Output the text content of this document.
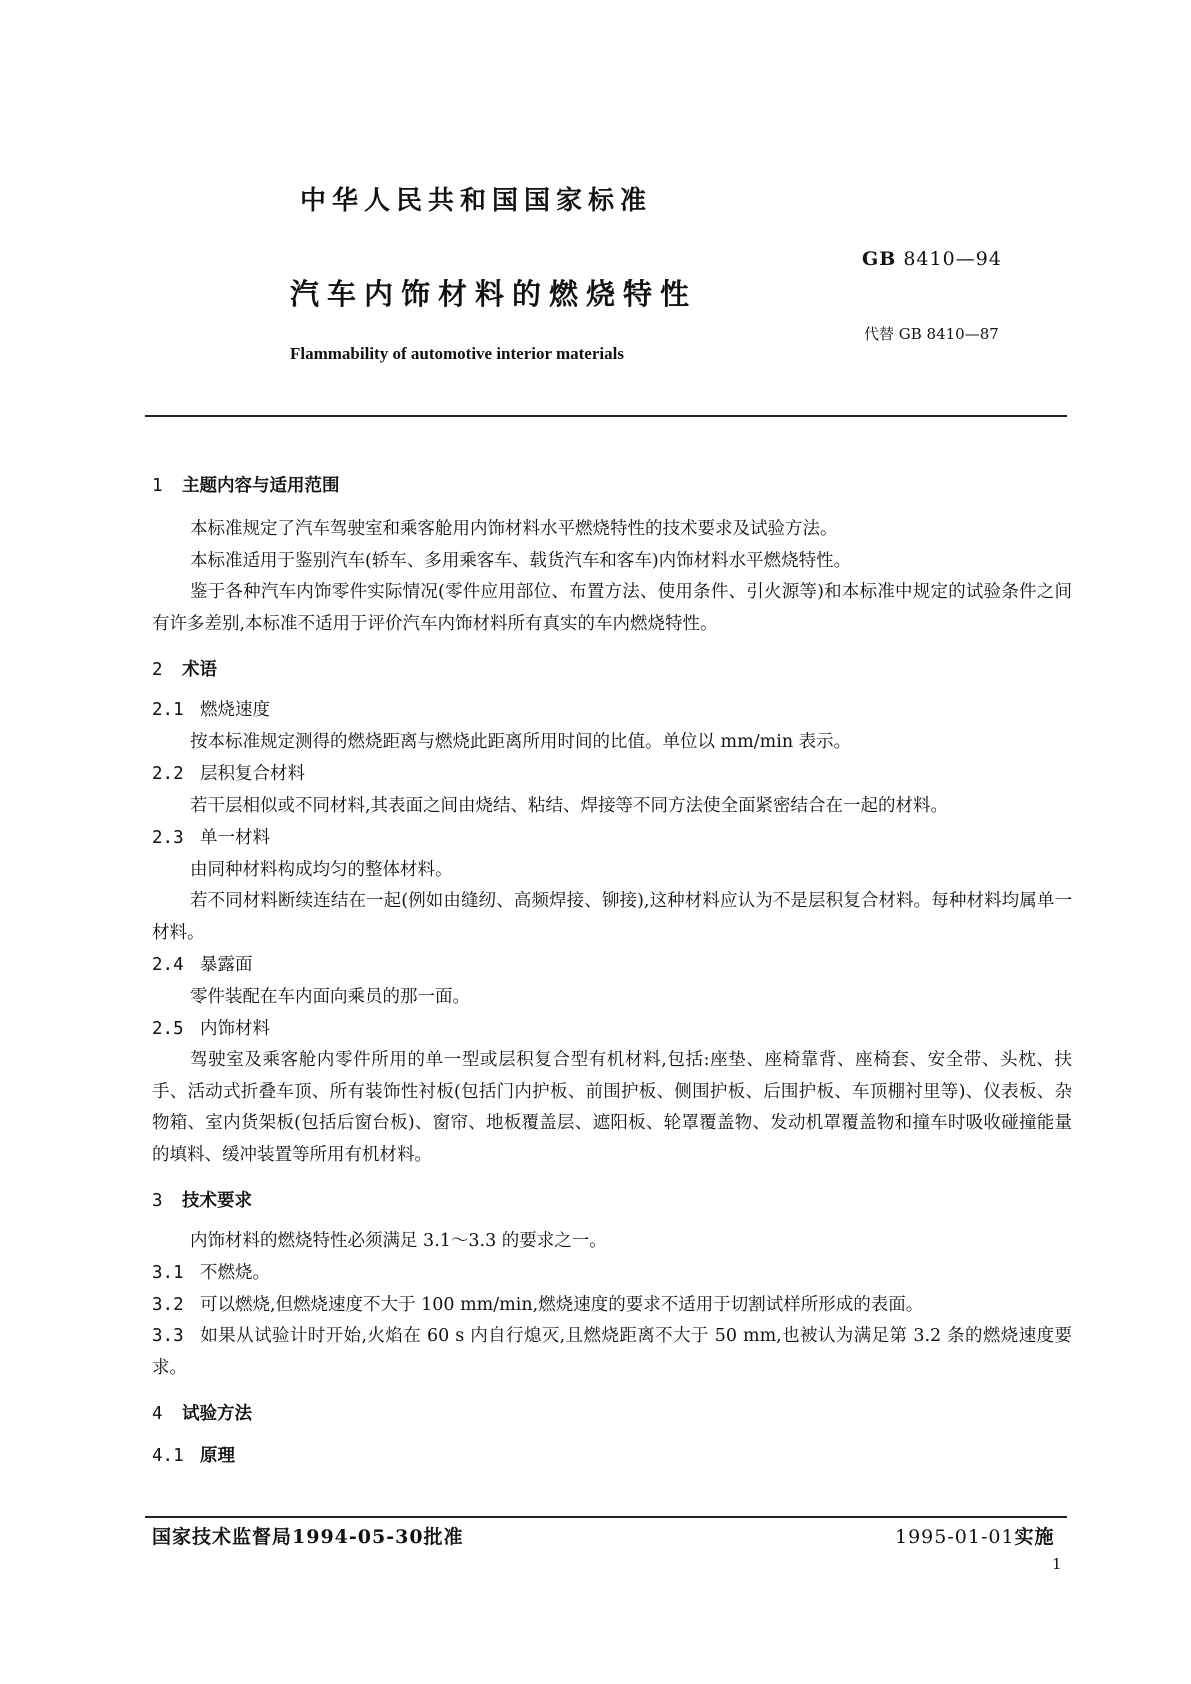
中华人民共和国国家标准
GB 8410—94
汽车内饰材料的燃烧特性
代替 GB 8410—87
Flammability of automotive interior materials
1 主题内容与适用范围

本标准规定了汽车驾驶室和乘客舱用内饰材料水平燃烧特性的技术要求及试验方法。

本标准适用于鉴别汽车(轿车、多用乘客车、载货汽车和客车)内饰材料水平燃烧特性。

鉴于各种汽车内饰零件实际情况(零件应用部位、布置方法、使用条件、引火源等)和本标准中规定的试验条件之间有许多差别,本标准不适用于评价汽车内饰材料所有真实的车内燃烧特性。

2 术语
2.1 燃烧速度

按本标准规定测得的燃烧距离与燃烧此距离所用时间的比值。单位以 mm/min 表示。

2.2 层积复合材料

若干层相似或不同材料,其表面之间由烧结、粘结、焊接等不同方法使全面紧密结合在一起的材料。

2.3 单一材料

由同种材料构成均匀的整体材料。

若不同材料断续连结在一起(例如由缝纫、高频焊接、铆接),这种材料应认为不是层积复合材料。每种材料均属单一材料。

2.4 暴露面

零件装配在车内面向乘员的那一面。

2.5 内饰材料

驾驶室及乘客舱内零件所用的单一型或层积复合型有机材料,包括:座垫、座椅靠背、座椅套、安全带、头枕、扶手、活动式折叠车顶、所有装饰性衬板(包括门内护板、前围护板、侧围护板、后围护板、车顶棚衬里等)、仪表板、杂物箱、室内货架板(包括后窗台板)、窗帘、地板覆盖层、遮阳板、轮罩覆盖物、发动机罩覆盖物和撞车时吸收碰撞能量的填料、缓冲装置等所用有机材料。

3 技术要求

内饰材料的燃烧特性必须满足 3.1～3.3 的要求之一。

3.1 不燃烧。
3.2 可以燃烧,但燃烧速度不大于 100 mm/min,燃烧速度的要求不适用于切割试样所形成的表面。

3.3 如果从试验计时开始,火焰在 60 s 内自行熄灭,且燃烧距离不大于 50 mm,也被认为满足第 3.2 条的燃烧速度要求。

4 试验方法
4.1 原理
国家技术监督局1994-05-30批准	1995-01-01实施
1
